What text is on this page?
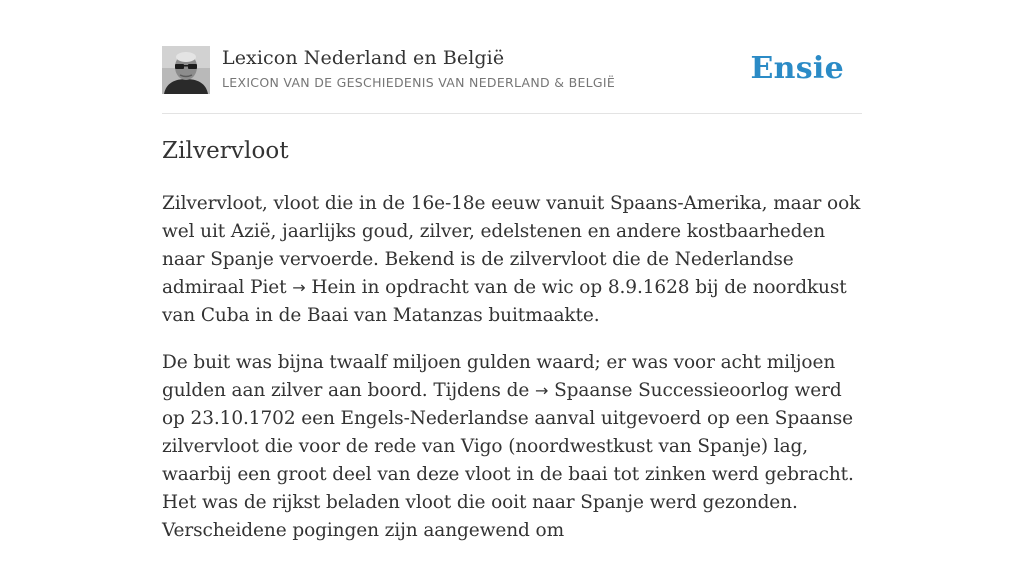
Lexicon Nederland en België
LEXICON VAN DE GESCHIEDENIS VAN NEDERLAND & BELGIË	Ensie
Zilvervloot

Zilvervloot, vloot die in de 16e-18e eeuw vanuit Spaans-Amerika, maar ook wel uit Azië, jaarlijks goud, zilver, edelstenen en andere kostbaarheden naar Spanje vervoerde. Bekend is de zilvervloot die de Nederlandse admiraal Piet → Hein in opdracht van de wic op 8.9.1628 bij de noordkust van Cuba in de Baai van Matanzas buitmaakte.

De buit was bijna twaalf miljoen gulden waard; er was voor acht miljoen gulden aan zilver aan boord. Tijdens de → Spaanse Successieoorlog werd op 23.10.1702 een Engels-Nederlandse aanval uitgevoerd op een Spaanse zilvervloot die voor de rede van Vigo (noordwestkust van Spanje) lag, waarbij een groot deel van deze vloot in de baai tot zinken werd gebracht. Het was de rijkst beladen vloot die ooit naar Spanje werd gezonden. Verscheidene pogingen zijn aangewend om
